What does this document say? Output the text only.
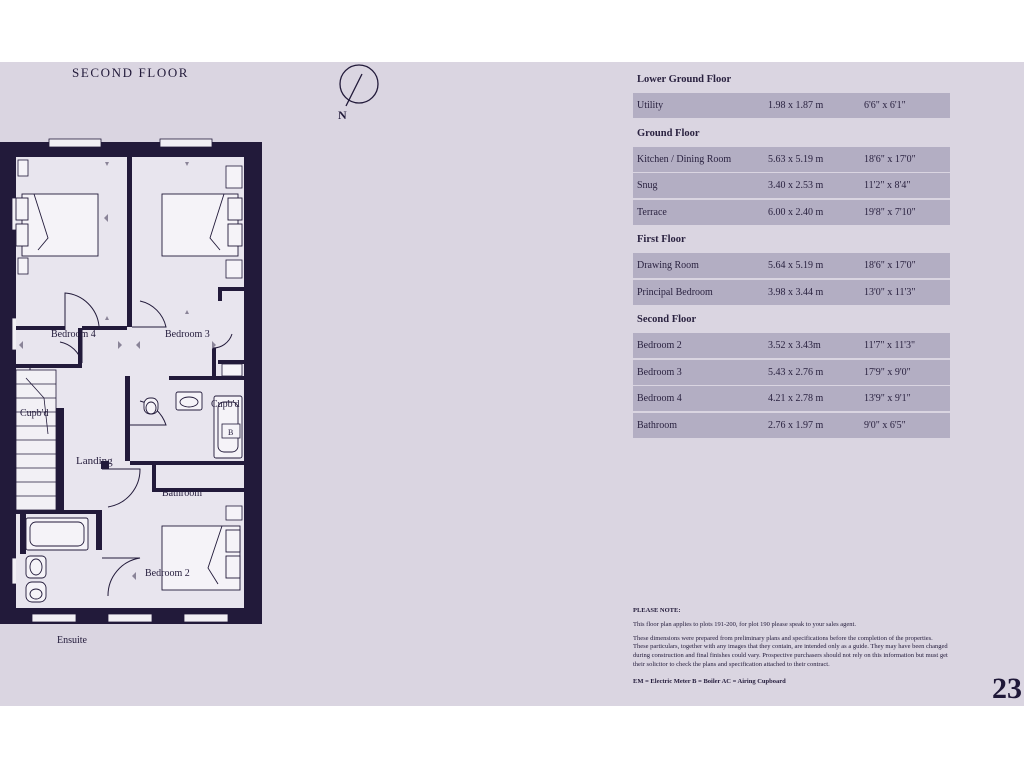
SECOND FLOOR
N
Bedroom 4	Bedroom 3
Cupb'd
Cupb'd
B
Landing
Bathroom
Bedroom 2
Ensuite
Lower Ground Floor
Utility	1.98 x 1.87 m	6'6" x 6'1"
Ground Floor
Kitchen / Dining Room	5.63 x 5.19 m	18'6" x 17'0"
Snug	3.40 x 2.53 m	11'2" x 8'4"
Terrace	6.00 x 2.40 m	19'8" x 7'10"
First Floor
Drawing Room	5.64 x 5.19 m	18'6" x 17'0"
Principal Bedroom	3.98 x 3.44 m	13'0" x 11'3"
Second Floor
Bedroom 2	3.52 x 3.43m	11'7" x 11'3"
Bedroom 3	5.43 x 2.76 m	17'9" x 9'0"
Bedroom 4	4.21 x 2.78 m	13'9" x 9'1"
Bathroom	2.76 x 1.97 m	9'0" x 6'5"

PLEASE NOTE:

This floor plan applies to plots 191-200, for plot 190 please speak to your sales agent.

These dimensions were prepared from preliminary plans and specifications before the completion of the properties. These particulars, together with any images that they contain, are intended only as a guide. They may have been changed during construction and final finishes could vary. Prospective purchasers should not rely on this information but must get their solicitor to check the plans and specification attached to their contract.

EM = Electric Meter B = Boiler AC = Airing Cupboard	23
